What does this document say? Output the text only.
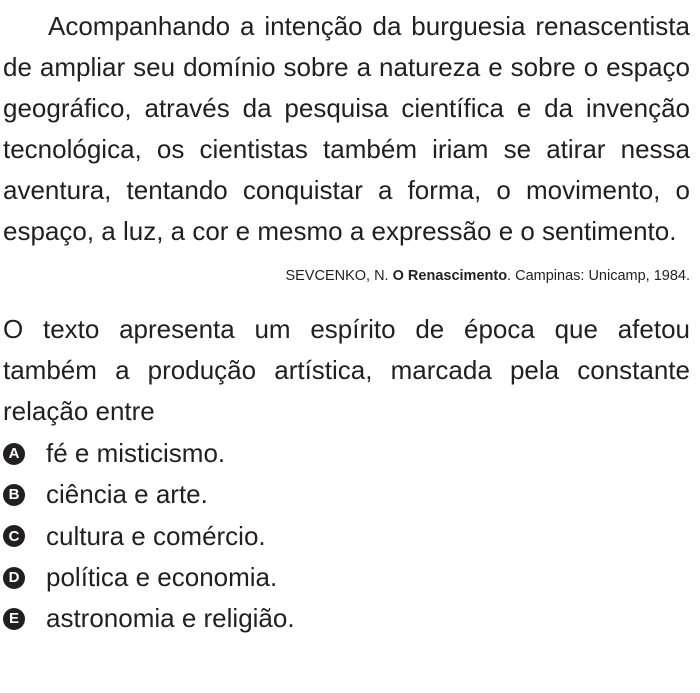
Acompanhando a intenção da burguesia renascentista de ampliar seu domínio sobre a natureza e sobre o espaço geográfico, através da pesquisa científica e da invenção tecnológica, os cientistas também iriam se atirar nessa aventura, tentando conquistar a forma, o movimento, o espaço, a luz, a cor e mesmo a expressão e o sentimento.

SEVCENKO, N. O Renascimento. Campinas: Unicamp, 1984.

O texto apresenta um espírito de época que afetou também a produção artística, marcada pela constante relação entre

A fé e misticismo.
B ciência e arte.
C cultura e comércio.
D política e economia.
E astronomia e religião.
